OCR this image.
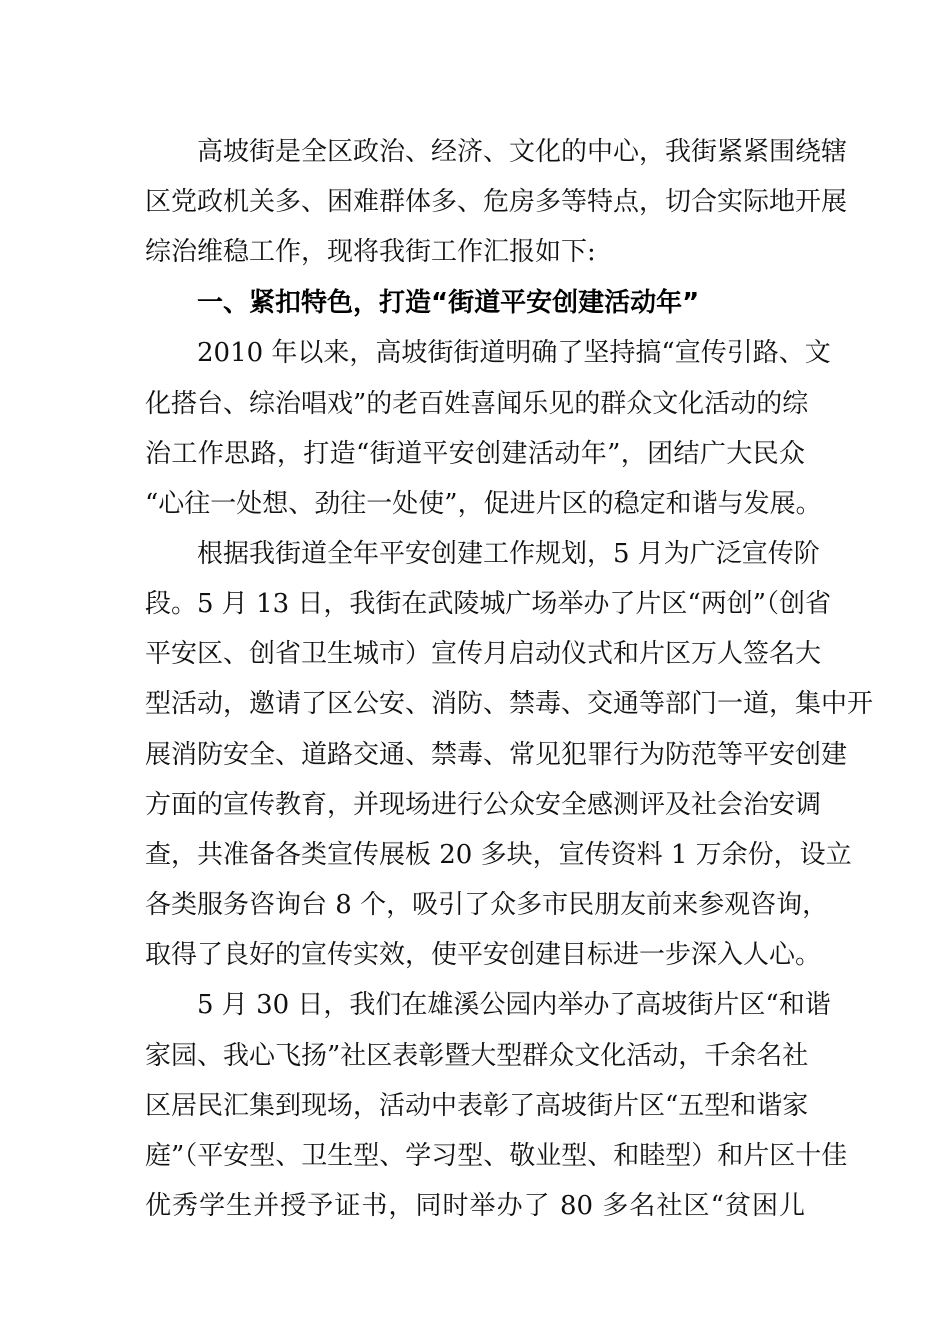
高坡街是全区政治、经济、文化的中心，我街紧紧围绕辖
区党政机关多、困难群体多、危房多等特点，切合实际地开展
综治维稳工作，现将我街工作汇报如下:
一、紧扣特色，打造“街道平安创建活动年”
2010 年以来，高坡街街道明确了坚持搞“宣传引路、文
化搭台、综治唱戏”的老百姓喜闻乐见的群众文化活动的综
治工作思路，打造“街道平安创建活动年”，团结广大民众
“心往一处想、劲往一处使”，促进片区的稳定和谐与发展。
根据我街道全年平安创建工作规划，5 月为广泛宣传阶
段。5 月 13 日，我街在武陵城广场举办了片区“两创”（创省
平安区、创省卫生城市）宣传月启动仪式和片区万人签名大
型活动，邀请了区公安、消防、禁毒、交通等部门一道，集中开
展消防安全、道路交通、禁毒、常见犯罪行为防范等平安创建
方面的宣传教育，并现场进行公众安全感测评及社会治安调
查，共准备各类宣传展板 20 多块，宣传资料 1 万余份，设立
各类服务咨询台 8 个，吸引了众多市民朋友前来参观咨询，
取得了良好的宣传实效，使平安创建目标进一步深入人心。
5 月 30 日，我们在雄溪公园内举办了高坡街片区“和谐
家园、我心飞扬”社区表彰暨大型群众文化活动，千余名社
区居民汇集到现场，活动中表彰了高坡街片区“五型和谐家
庭”（平安型、卫生型、学习型、敬业型、和睦型）和片区十佳
优秀学生并授予证书，同时举办了 80 多名社区“贫困儿
